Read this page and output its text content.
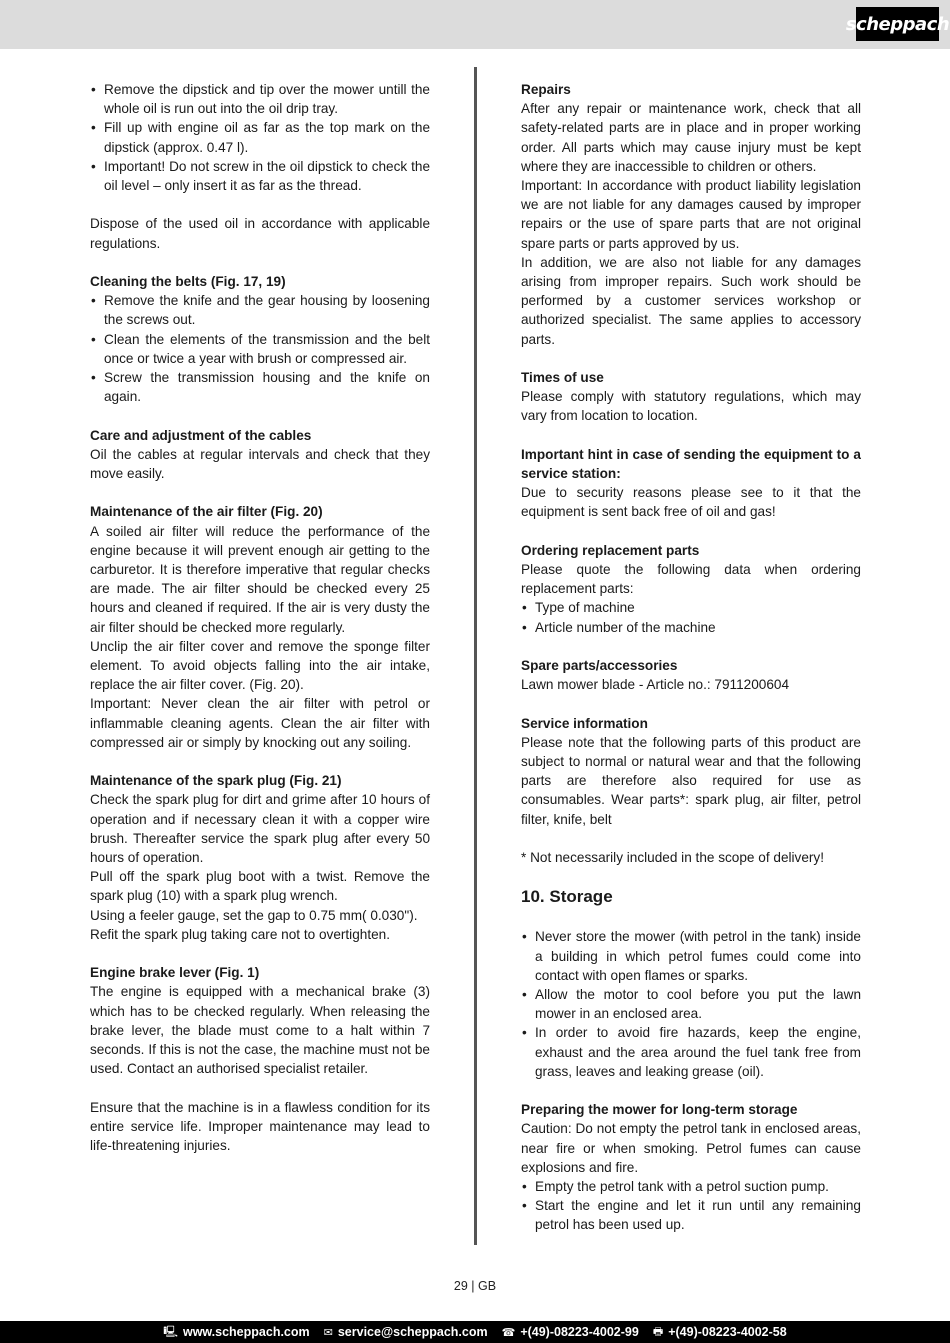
scheppach
• Remove the dipstick and tip over the mower untill the whole oil is run out into the oil drip tray.
• Fill up with engine oil as far as the top mark on the dipstick (approx. 0.47 l).
• Important! Do not screw in the oil dipstick to check the oil level – only insert it as far as the thread.
Dispose of the used oil in accordance with applicable regulations.
Cleaning the belts (Fig. 17, 19)
• Remove the knife and the gear housing by loosening the screws out.
• Clean the elements of the transmission and the belt once or twice a year with brush or compressed air.
• Screw the transmission housing and the knife on again.
Care and adjustment of the cables
Oil the cables at regular intervals and check that they move easily.
Maintenance of the air filter (Fig. 20)
A soiled air filter will reduce the performance of the engine because it will prevent enough air getting to the carburetor. It is therefore imperative that regular checks are made. The air filter should be checked every 25 hours and cleaned if required. If the air is very dusty the air filter should be checked more regularly.
Unclip the air filter cover and remove the sponge filter element. To avoid objects falling into the air intake, replace the air filter cover. (Fig. 20).
Important: Never clean the air filter with petrol or inflammable cleaning agents. Clean the air filter with compressed air or simply by knocking out any soiling.
Maintenance of the spark plug (Fig. 21)
Check the spark plug for dirt and grime after 10 hours of operation and if necessary clean it with a copper wire brush. Thereafter service the spark plug after every 50 hours of operation.
Pull off the spark plug boot with a twist. Remove the spark plug (10) with a spark plug wrench.
Using a feeler gauge, set the gap to 0.75 mm( 0.030").
Refit the spark plug taking care not to overtighten.
Engine brake lever (Fig. 1)
The engine is equipped with a mechanical brake (3) which has to be checked regularly. When releasing the brake lever, the blade must come to a halt within 7 seconds. If this is not the case, the machine must not be used. Contact an authorised specialist retailer.
Ensure that the machine is in a flawless condition for its entire service life. Improper maintenance may lead to life-threatening injuries.
Repairs
After any repair or maintenance work, check that all safety-related parts are in place and in proper working order. All parts which may cause injury must be kept where they are inaccessible to children or others.
Important: In accordance with product liability legislation we are not liable for any damages caused by improper repairs or the use of spare parts that are not original spare parts or parts approved by us.
In addition, we are also not liable for any damages arising from improper repairs. Such work should be performed by a customer services workshop or authorized specialist. The same applies to accessory parts.
Times of use
Please comply with statutory regulations, which may vary from location to location.
Important hint in case of sending the equipment to a service station:
Due to security reasons please see to it that the equipment is sent back free of oil and gas!
Ordering replacement parts
Please quote the following data when ordering replacement parts:
• Type of machine
• Article number of the machine
Spare parts/accessories
Lawn mower blade - Article no.: 7911200604
Service information
Please note that the following parts of this product are subject to normal or natural wear and that the following parts are therefore also required for use as consumables. Wear parts*: spark plug, air filter, petrol filter, knife, belt
* Not necessarily included in the scope of delivery!
10. Storage
• Never store the mower (with petrol in the tank) inside a building in which petrol fumes could come into contact with open flames or sparks.
• Allow the motor to cool before you put the lawn mower in an enclosed area.
• In order to avoid fire hazards, keep the engine, exhaust and the area around the fuel tank free from grass, leaves and leaking grease (oil).
Preparing the mower for long-term storage
Caution: Do not empty the petrol tank in enclosed areas, near fire or when smoking. Petrol fumes can cause explosions and fire.
• Empty the petrol tank with a petrol suction pump.
• Start the engine and let it run until any remaining petrol has been used up.
29 | GB
🖳 www.scheppach.com ✉ service@scheppach.com ☎ +(49)-08223-4002-99 🖶 +(49)-08223-4002-58
